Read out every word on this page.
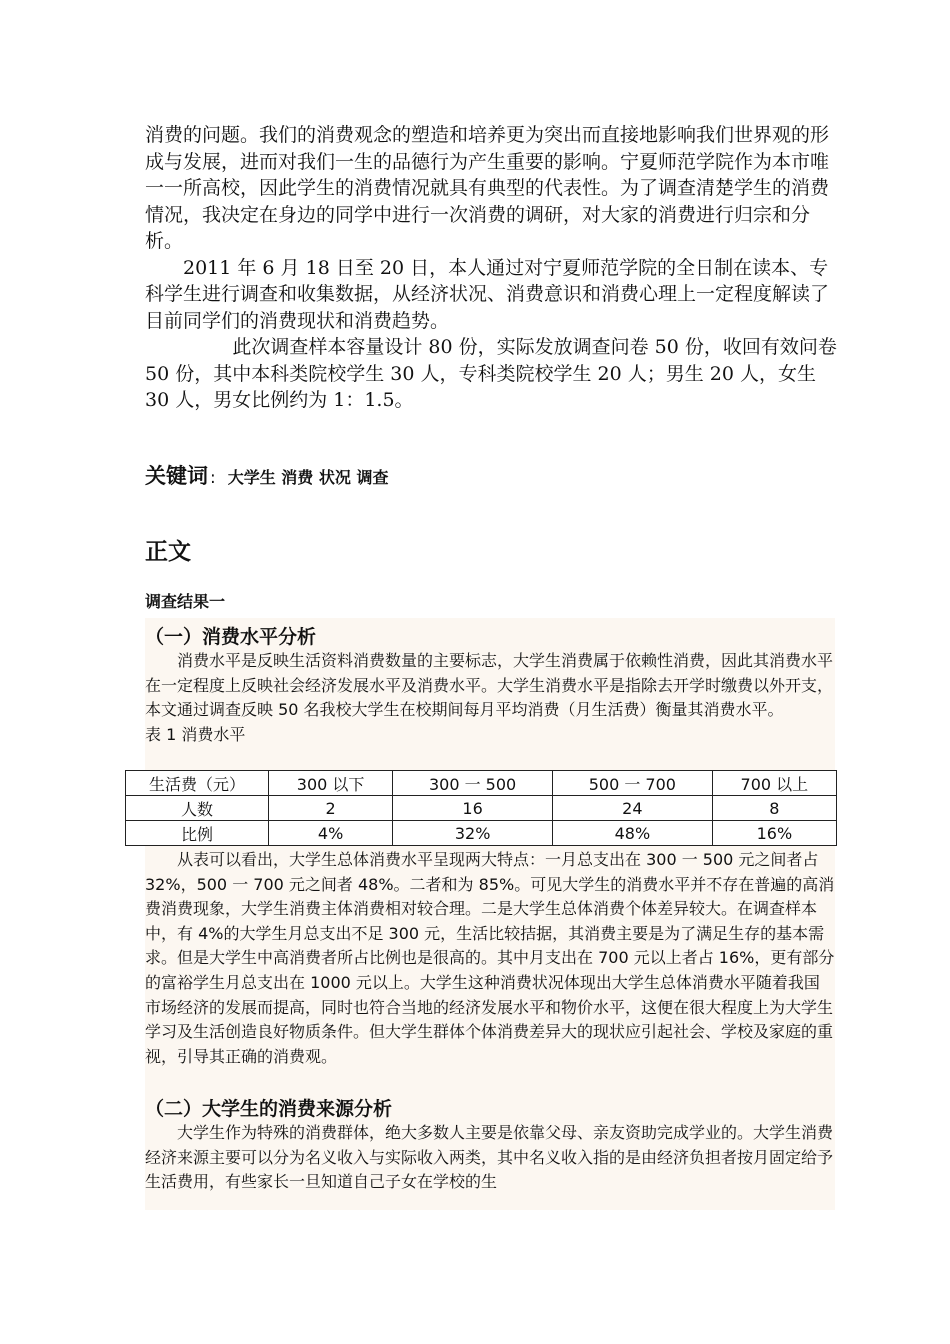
消费的问题。我们的消费观念的塑造和培养更为突出而直接地影响我们世界观的形成与发展，进而对我们一生的品德行为产生重要的影响。宁夏师范学院作为本市唯一一所高校，因此学生的消费情况就具有典型的代表性。为了调查清楚学生的消费情况，我决定在身边的同学中进行一次消费的调研，对大家的消费进行归宗和分析。

2011 年 6 月 18 日至 20 日，本人通过对宁夏师范学院的全日制在读本、专科学生进行调查和收集数据，从经济状况、消费意识和消费心理上一定程度解读了目前同学们的消费现状和消费趋势。

此次调查样本容量设计 80 份，实际发放调查问卷 50 份，收回有效问卷 50 份，其中本科类院校学生 30 人，专科类院校学生 20 人；男生 20 人，女生 30 人，男女比例约为 1：1.5。

关键词 : 大学生 消费 状况 调查
正文
调查结果一
（一）消费水平分析

消费水平是反映生活资料消费数量的主要标志，大学生消费属于依赖性消费，因此其消费水平在一定程度上反映社会经济发展水平及消费水平。大学生消费水平是指除去开学时缴费以外开支，本文通过调查反映 50 名我校大学生在校期间每月平均消费（月生活费）衡量其消费水平。

表 1 消费水平

生活费（元）	300 以下	300 一 500	500 一 700	700 以上
人数	2	16	24	8
比例	4%	32%	48%	16%

从表可以看出，大学生总体消费水平呈现两大特点：一月总支出在 300 一 500 元之间者占 32%，500 一 700 元之间者 48%。二者和为 85%。可见大学生的消费水平并不存在普遍的高消费消费现象，大学生消费主体消费相对较合理。二是大学生总体消费个体差异较大。在调查样本中，有 4%的大学生月总支出不足 300 元，生活比较拮据，其消费主要是为了满足生存的基本需求。但是大学生中高消费者所占比例也是很高的。其中月支出在 700 元以上者占 16%，更有部分的富裕学生月总支出在 1000 元以上。大学生这种消费状况体现出大学生总体消费水平随着我国市场经济的发展而提高，同时也符合当地的经济发展水平和物价水平，这便在很大程度上为大学生学习及生活创造良好物质条件。但大学生群体个体消费差异大的现状应引起社会、学校及家庭的重视，引导其正确的消费观。

（二）大学生的消费来源分析

大学生作为特殊的消费群体，绝大多数人主要是依靠父母、亲友资助完成学业的。大学生消费经济来源主要可以分为名义收入与实际收入两类，其中名义收入指的是由经济负担者按月固定给予生活费用，有些家长一旦知道自己子女在学校的生
